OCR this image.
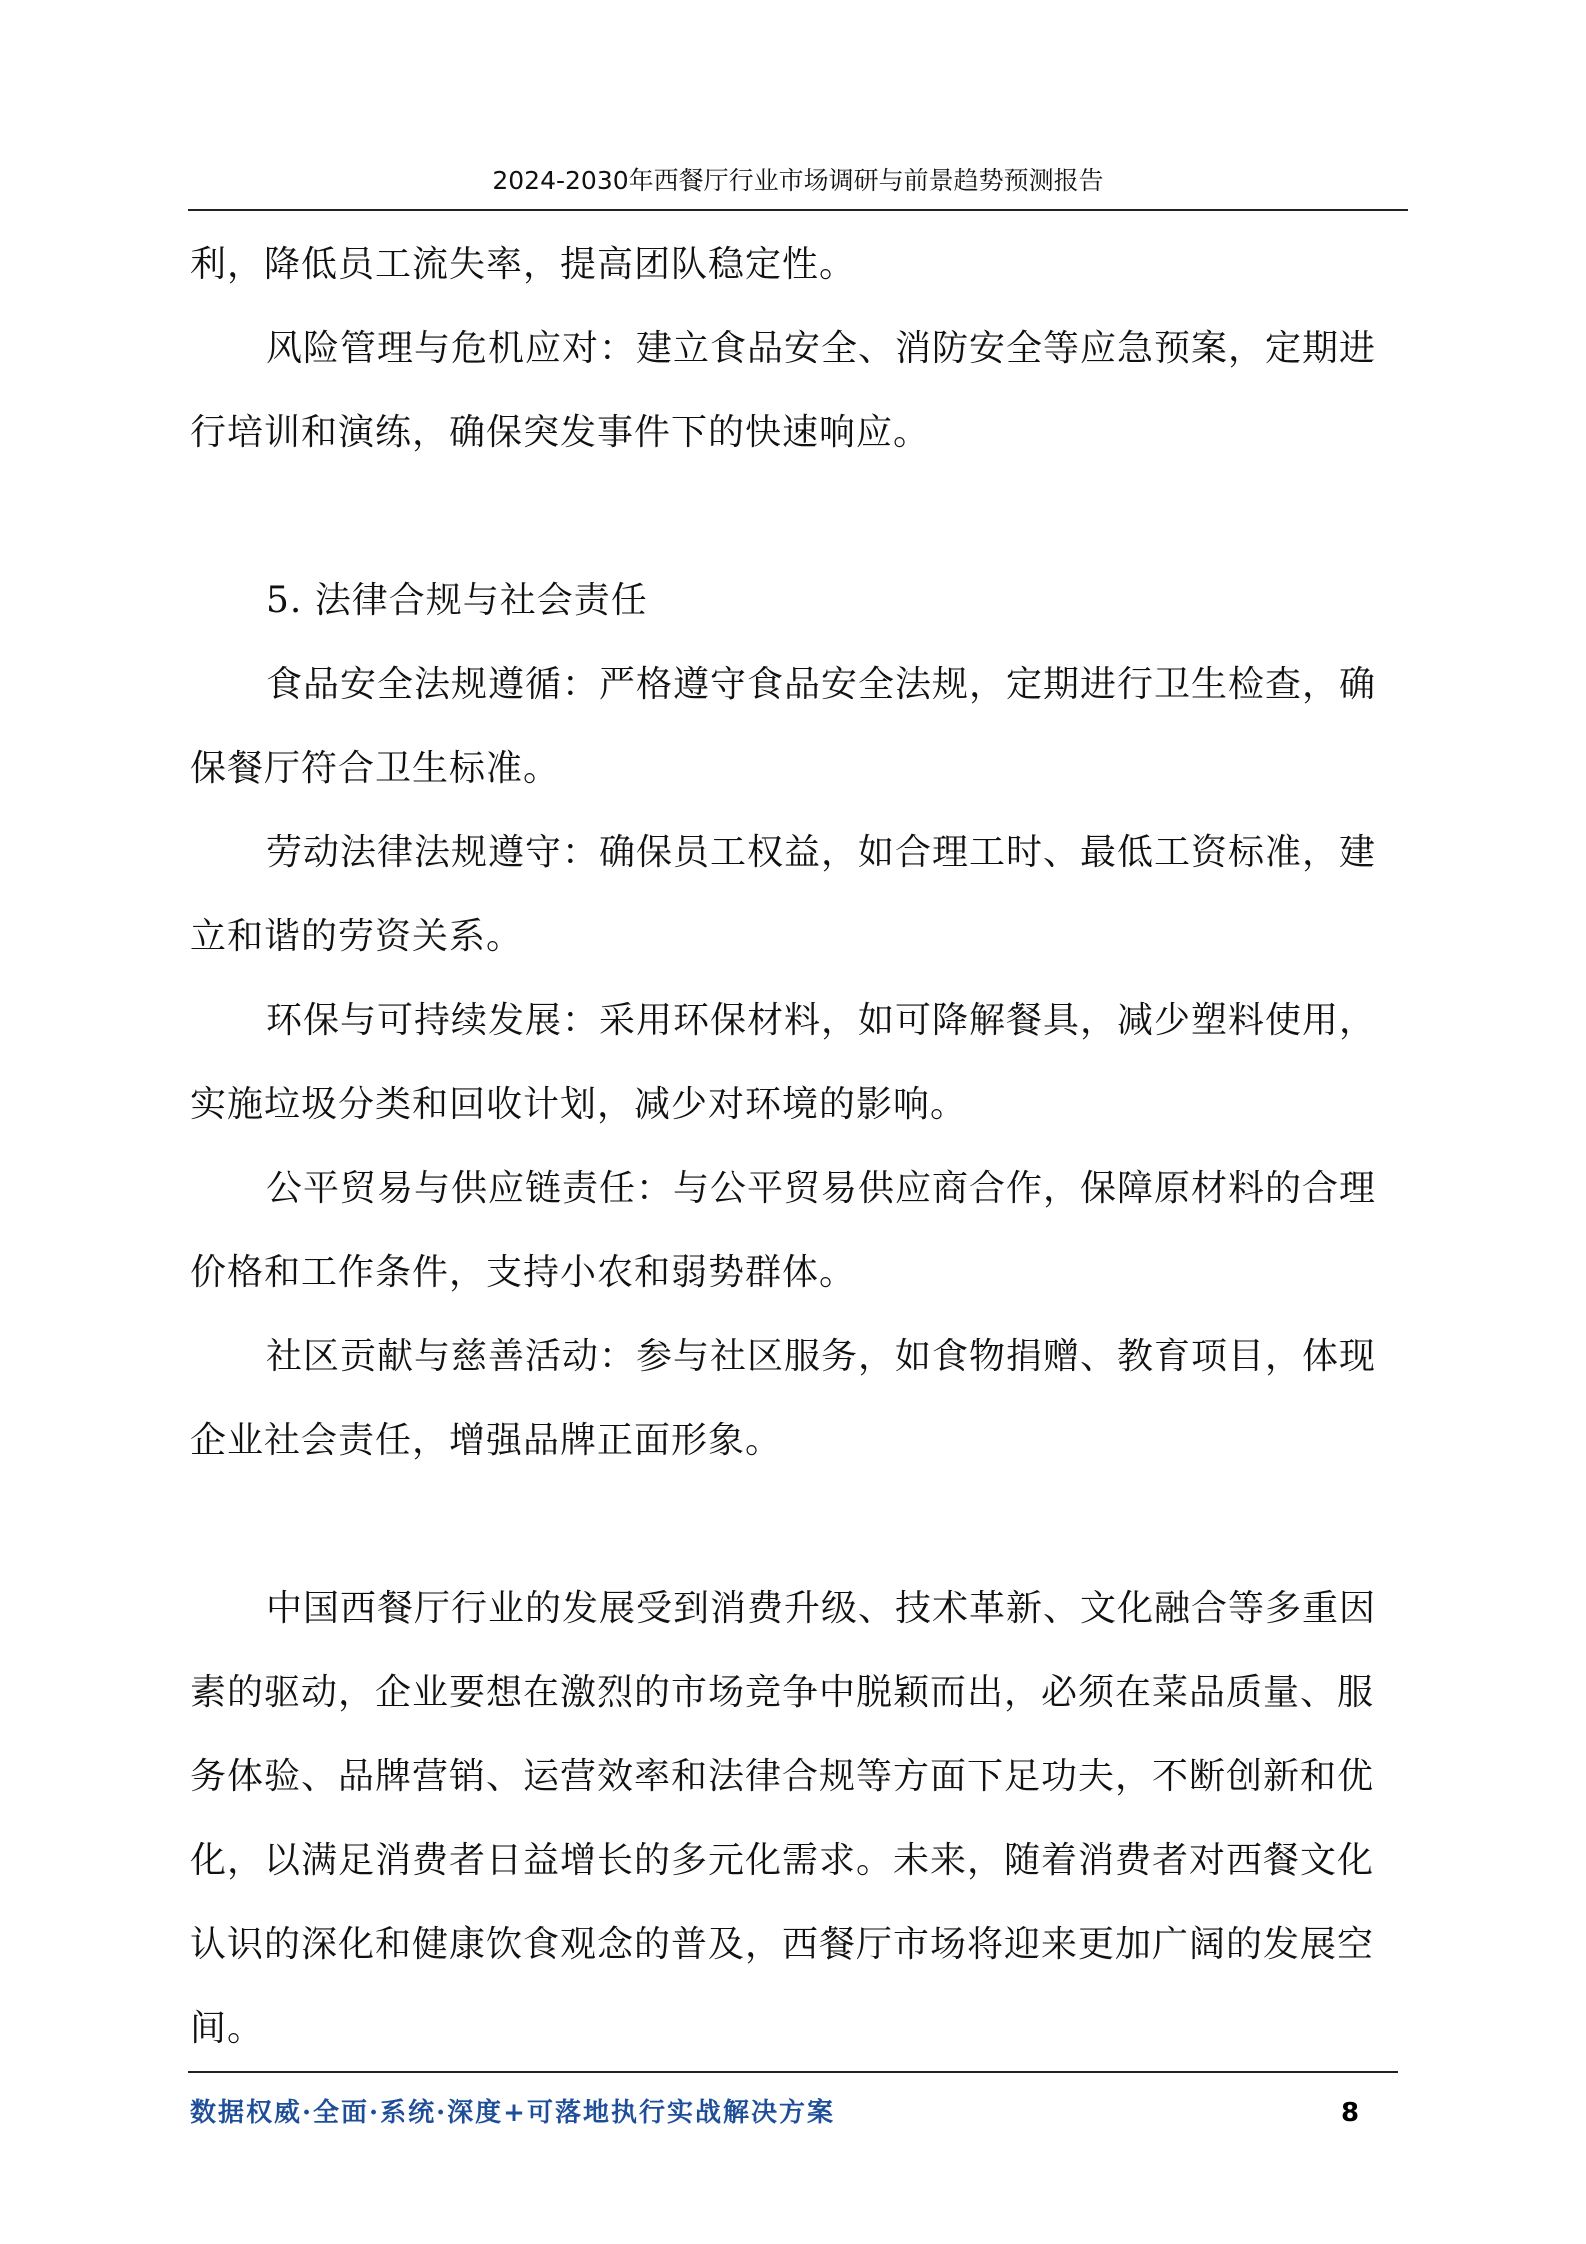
2024-2030年西餐厅行业市场调研与前景趋势预测报告

利，降低员工流失率，提高团队稳定性。

风险管理与危机应对：建立食品安全、消防安全等应急预案，定期进行培训和演练，确保突发事件下的快速响应。

5. 法律合规与社会责任

食品安全法规遵循：严格遵守食品安全法规，定期进行卫生检查，确保餐厅符合卫生标准。

劳动法律法规遵守：确保员工权益，如合理工时、最低工资标准，建立和谐的劳资关系。

环保与可持续发展：采用环保材料，如可降解餐具，减少塑料使用，实施垃圾分类和回收计划，减少对环境的影响。

公平贸易与供应链责任：与公平贸易供应商合作，保障原材料的合理价格和工作条件，支持小农和弱势群体。

社区贡献与慈善活动：参与社区服务，如食物捐赠、教育项目，体现企业社会责任，增强品牌正面形象。

中国西餐厅行业的发展受到消费升级、技术革新、文化融合等多重因素的驱动，企业要想在激烈的市场竞争中脱颖而出，必须在菜品质量、服务体验、品牌营销、运营效率和法律合规等方面下足功夫，不断创新和优化，以满足消费者日益增长的多元化需求。未来，随着消费者对西餐文化认识的深化和健康饮食观念的普及，西餐厅市场将迎来更加广阔的发展空间。

数据权威·全面·系统·深度+可落地执行实战解决方案	8
